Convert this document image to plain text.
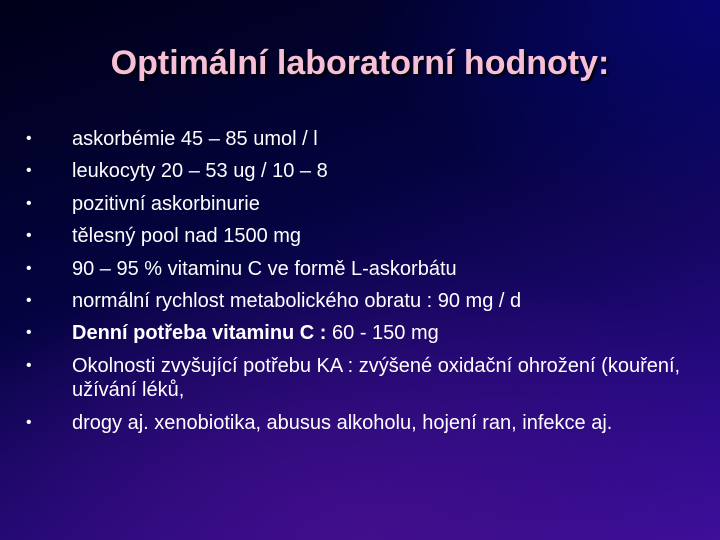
Optimální laboratorní hodnoty:
•	askorbémie 45 – 85 umol / l
•	leukocyty 20 – 53 ug / 10 – 8
•	pozitivní askorbinurie
•	tělesný pool nad 1500 mg
•	90 – 95 % vitaminu C ve formě L-askorbátu
•	normální rychlost metabolického obratu : 90 mg / d
•	Denní potřeba vitaminu C : 60 - 150 mg
•	Okolnosti zvyšující potřebu KA : zvýšené oxidační ohrožení (kouření, užívání léků,
•	drogy aj. xenobiotika, abusus alkoholu, hojení ran, infekce aj.
